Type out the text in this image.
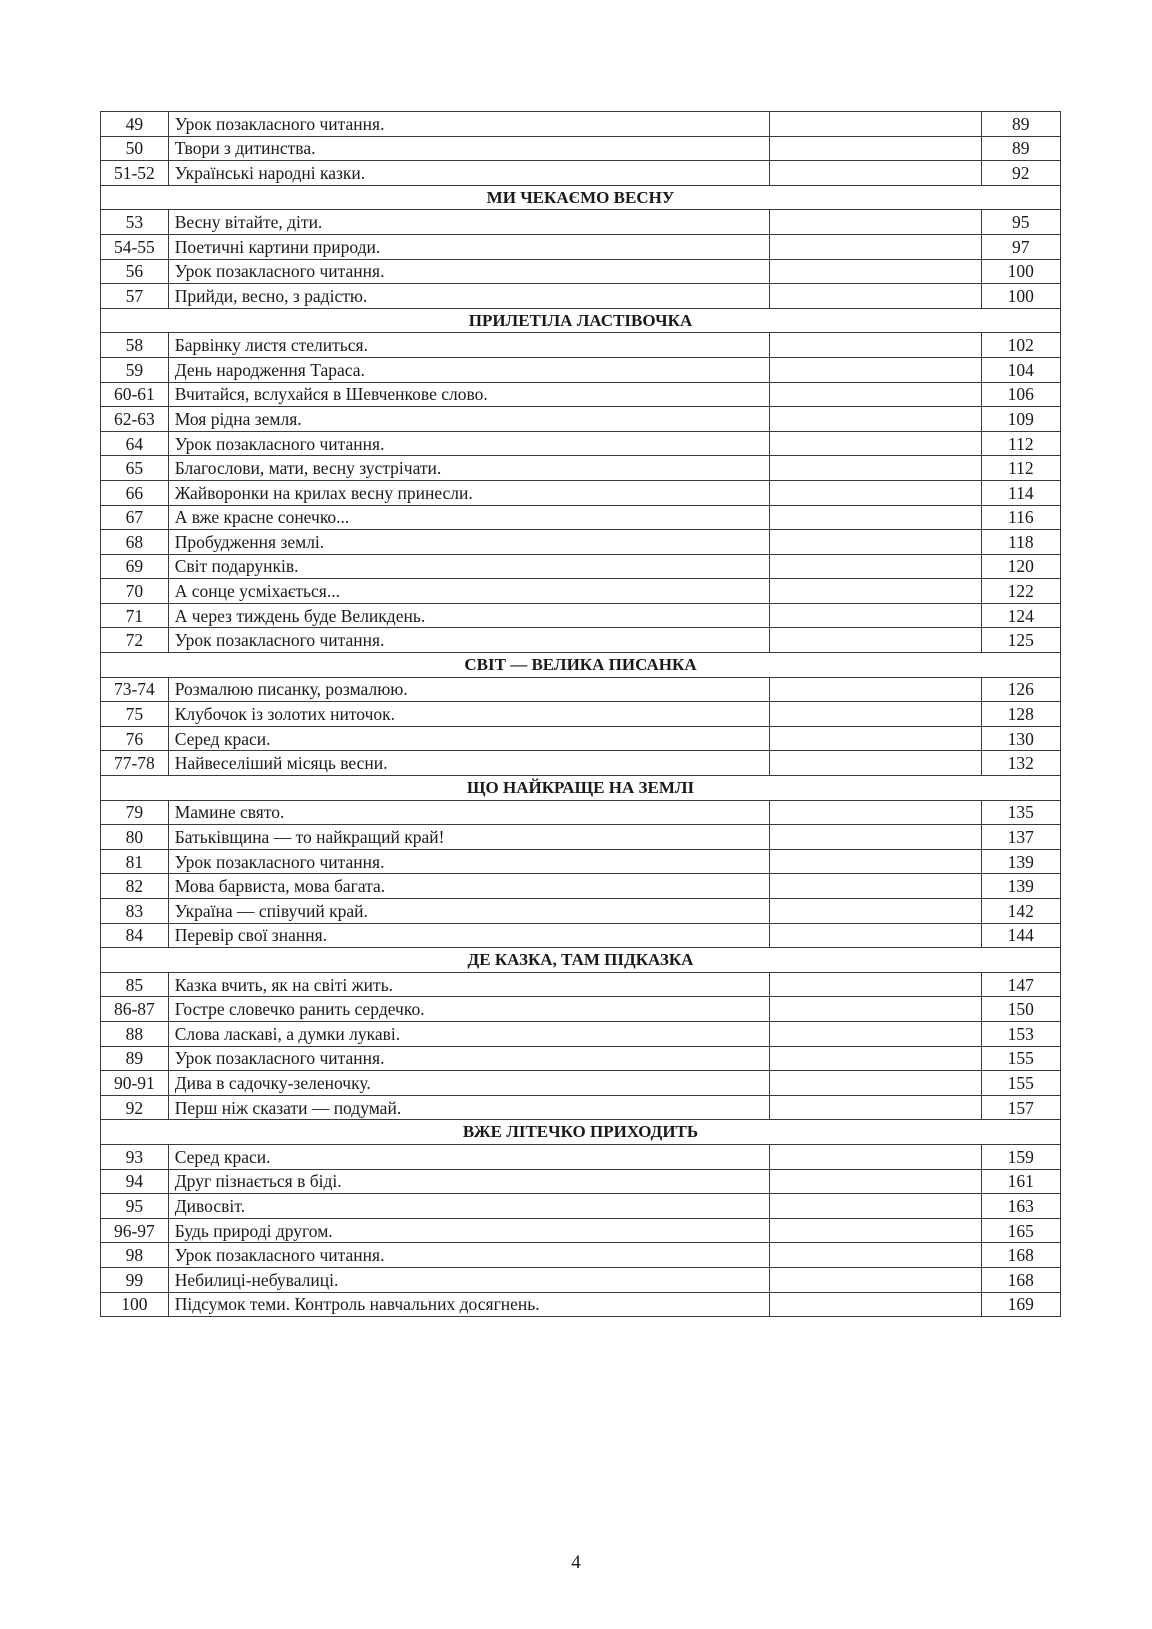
49	Урок позакласного читання.		89
50	Твори з дитинства.		89
51-52	Українські народні казки.		92
МИ ЧЕКАЄМО ВЕСНУ			
53	Весну вітайте, діти.		95
54-55	Поетичні картини природи.		97
56	Урок позакласного читання.		100
57	Прийди, весно, з радістю.		100
ПРИЛЕТІЛА ЛАСТІВОЧКА			
58	Барвінку листя стелиться.		102
59	День народження Тараса.		104
60-61	Вчитайся, вслухайся в Шевченкове слово.		106
62-63	Моя рідна земля.		109
64	Урок позакласного читання.		112
65	Благослови, мати, весну зустрічати.		112
66	Жайворонки на крилах весну принесли.		114
67	А вже красне сонечко...		116
68	Пробудження землі.		118
69	Світ подарунків.		120
70	А сонце усміхається...		122
71	А через тиждень буде Великдень.		124
72	Урок позакласного читання.		125
СВІТ — ВЕЛИКА ПИСАНКА			
73-74	Розмалюю писанку, розмалюю.		126
75	Клубочок із золотих ниточок.		128
76	Серед краси.		130
77-78	Найвеселіший місяць весни.		132
ЩО НАЙКРАЩЕ НА ЗЕМЛІ			
79	Мамине свято.		135
80	Батьківщина — то найкращий край!		137
81	Урок позакласного читання.		139
82	Мова барвиста, мова багата.		139
83	Україна — співучий край.		142
84	Перевір свої знання.		144
ДЕ КАЗКА, ТАМ ПІДКАЗКА			
85	Казка вчить, як на світі жить.		147
86-87	Гостре словечко ранить сердечко.		150
88	Слова ласкаві, а думки лукаві.		153
89	Урок позакласного читання.		155
90-91	Дива в садочку-зеленочку.		155
92	Перш ніж сказати — подумай.		157
ВЖЕ ЛІТЕЧКО ПРИХОДИТЬ			
93	Серед краси.		159
94	Друг пізнається в біді.		161
95	Дивосвіт.		163
96-97	Будь природі другом.		165
98	Урок позакласного читання.		168
99	Небилиці-небувалиці.		168
100	Підсумок теми. Контроль навчальних досягнень.		169
4
